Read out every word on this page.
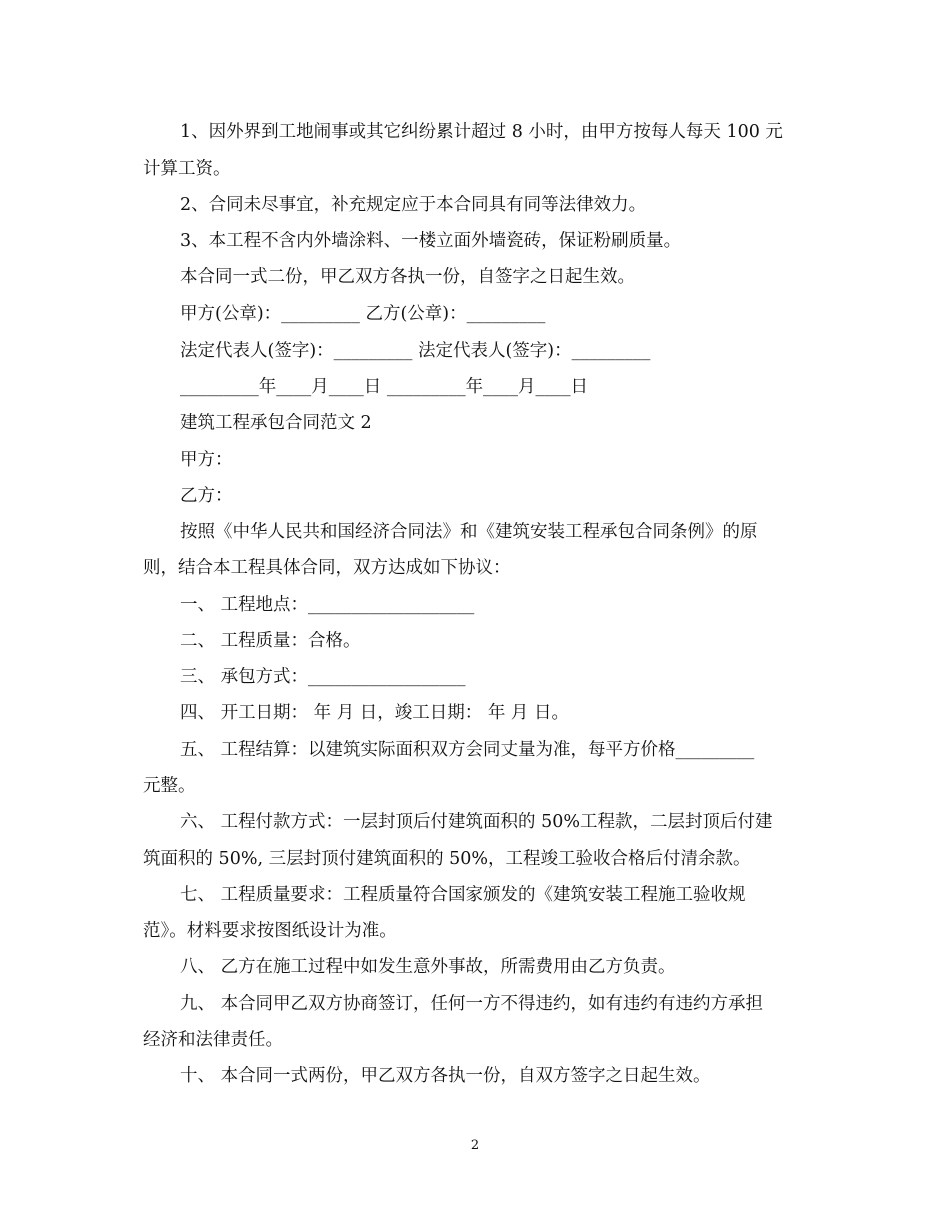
1、因外界到工地闹事或其它纠纷累计超过 8 小时，由甲方按每人每天 100 元
计算工资。
2、合同未尽事宜，补充规定应于本合同具有同等法律效力。
3、本工程不含内外墙涂料、一楼立面外墙瓷砖，保证粉刷质量。
本合同一式二份，甲乙双方各执一份，自签字之日起生效。
甲方(公章)：_________ 乙方(公章)：_________
法定代表人(签字)：_________ 法定代表人(签字)：_________
_________年____月____日 _________年____月____日
建筑工程承包合同范文 2
甲方：
乙方：
按照《中华人民共和国经济合同法》和《建筑安装工程承包合同条例》的原
则，结合本工程具体合同，双方达成如下协议：
一、 工程地点：___________________
二、 工程质量：合格。
三、 承包方式：__________________
四、 开工日期： 年 月 日，竣工日期： 年 月 日。
五、 工程结算：以建筑实际面积双方会同丈量为准，每平方价格_________
元整。
六、 工程付款方式：一层封顶后付建筑面积的 50%工程款，二层封顶后付建
筑面积的 50%, 三层封顶付建筑面积的 50%，工程竣工验收合格后付清余款。
七、 工程质量要求：工程质量符合国家颁发的《建筑安装工程施工验收规
范》。材料要求按图纸设计为准。
八、 乙方在施工过程中如发生意外事故，所需费用由乙方负责。
九、 本合同甲乙双方协商签订，任何一方不得违约，如有违约有违约方承担
经济和法律责任。
十、 本合同一式两份，甲乙双方各执一份，自双方签字之日起生效。
2
